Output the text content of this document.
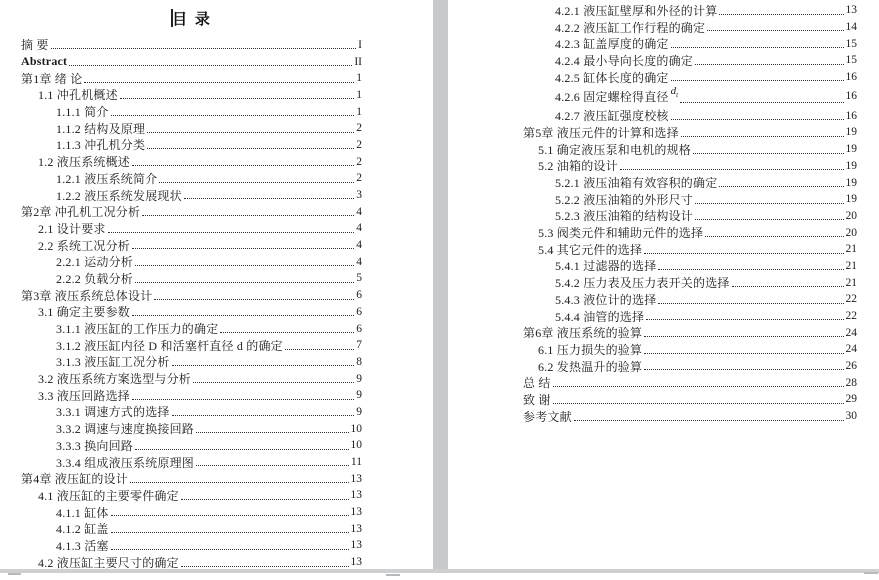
目 录
摘 要	I
Abstract	II
第1章 绪 论	1
1.1 冲孔机概述	1
1.1.1 简介	1
1.1.2 结构及原理	2
1.1.3 冲孔机分类	2
1.2 液压系统概述	2
1.2.1 液压系统简介	2
1.2.2 液压系统发展现状	3
第2章 冲孔机工况分析	4
2.1 设计要求	4
2.2 系统工况分析	4
2.2.1 运动分析	4
2.2.2 负载分析	5
第3章 液压系统总体设计	6
3.1 确定主要参数	6
3.1.1 液压缸的工作压力的确定	6
3.1.2 液压缸内径 D 和活塞杆直径 d 的确定	7
3.1.3 液压缸工况分析	8
3.2 液压系统方案选型与分析	9
3.3 液压回路选择	9
3.3.1 调速方式的选择	9
3.3.2 调速与速度换接回路	10
3.3.3 换向回路	10
3.3.4 组成液压系统原理图	11
第4章 液压缸的设计	13
4.1 液压缸的主要零件确定	13
4.1.1 缸体	13
4.1.2 缸盖	13
4.1.3 活塞	13
4.2 液压缸主要尺寸的确定	13
4.2.1 液压缸壁厚和外径的计算	13
4.2.2 液压缸工作行程的确定	14
4.2.3 缸盖厚度的确定	15
4.2.4 最小导向长度的确定	15
4.2.5 缸体长度的确定	16
4.2.6 固定螺栓得直径 $d_t$	16
4.2.7 液压缸强度校核	16
第5章 液压元件的计算和选择	19
5.1 确定液压泵和电机的规格	19
5.2 油箱的设计	19
5.2.1 液压油箱有效容积的确定	19
5.2.2 液压油箱的外形尺寸	19
5.2.3 液压油箱的结构设计	20
5.3 阀类元件和辅助元件的选择	20
5.4 其它元件的选择	21
5.4.1 过滤器的选择	21
5.4.2 压力表及压力表开关的选择	21
5.4.3 液位计的选择	22
5.4.4 油管的选择	22
第6章 液压系统的验算	24
6.1 压力损失的验算	24
6.2 发热温升的验算	26
总 结	28
致 谢	29
参考文献	30
